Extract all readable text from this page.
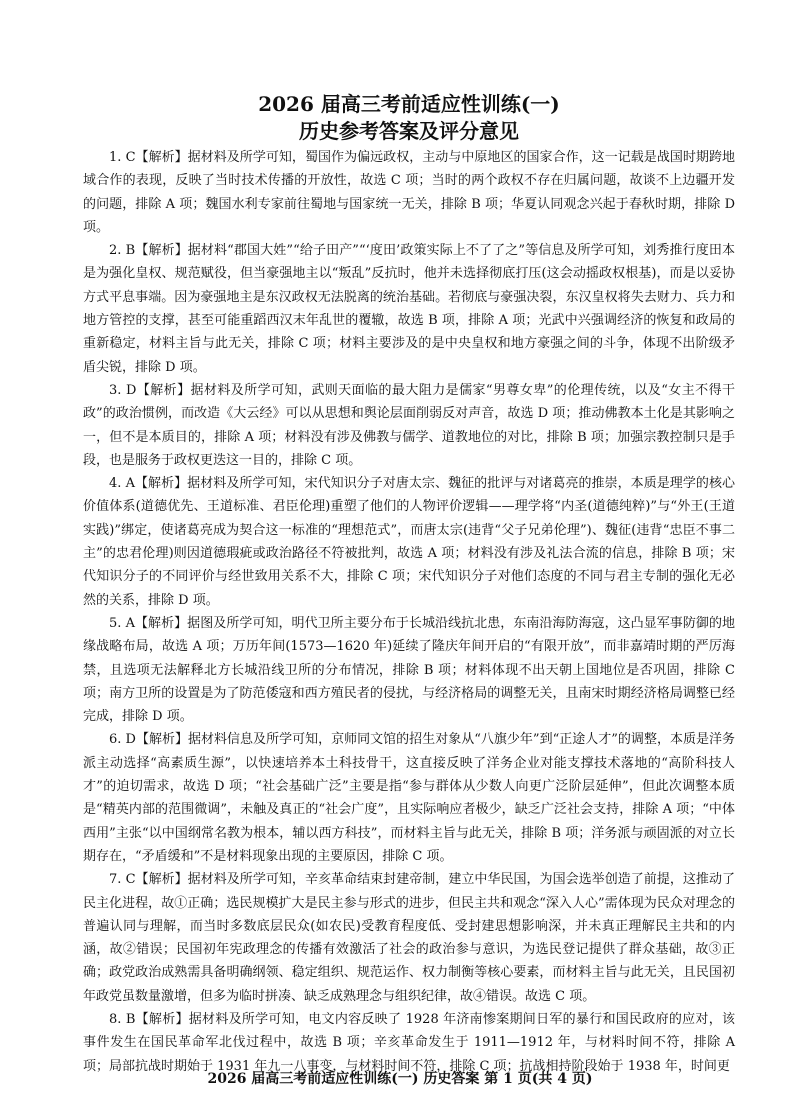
2026 届高三考前适应性训练(一)
历史参考答案及评分意见

1. C【解析】据材料及所学可知，蜀国作为偏远政权，主动与中原地区的国家合作，这一记载是战国时期跨地域合作的表现，反映了当时技术传播的开放性，故选 C 项；当时的两个政权不存在归属问题，故谈不上边疆开发的问题，排除 A 项；魏国水利专家前往蜀地与国家统一无关，排除 B 项；华夏认同观念兴起于春秋时期，排除 D 项。

2. B【解析】据材料“郡国大姓”“给子田产”“‘度田’政策实际上不了了之”等信息及所学可知，刘秀推行度田本是为强化皇权、规范赋役，但当豪强地主以“叛乱”反抗时，他并未选择彻底打压(这会动摇政权根基)，而是以妥协方式平息事端。因为豪强地主是东汉政权无法脱离的统治基础。若彻底与豪强决裂，东汉皇权将失去财力、兵力和地方管控的支撑，甚至可能重蹈西汉末年乱世的覆辙，故选 B 项，排除 A 项；光武中兴强调经济的恢复和政局的重新稳定，材料主旨与此无关，排除 C 项；材料主要涉及的是中央皇权和地方豪强之间的斗争，体现不出阶级矛盾尖锐，排除 D 项。

3. D【解析】据材料及所学可知，武则天面临的最大阻力是儒家“男尊女卑”的伦理传统，以及“女主不得干政”的政治惯例，而改造《大云经》可以从思想和舆论层面削弱反对声音，故选 D 项；推动佛教本土化是其影响之一，但不是本质目的，排除 A 项；材料没有涉及佛教与儒学、道教地位的对比，排除 B 项；加强宗教控制只是手段，也是服务于政权更迭这一目的，排除 C 项。

4. A【解析】据材料及所学可知，宋代知识分子对唐太宗、魏征的批评与对诸葛亮的推崇，本质是理学的核心价值体系(道德优先、王道标准、君臣伦理)重塑了他们的人物评价逻辑——理学将“内圣(道德纯粹)”与“外王(王道实践)”绑定，使诸葛亮成为契合这一标准的“理想范式”，而唐太宗(违背“父子兄弟伦理”)、魏征(违背“忠臣不事二主”的忠君伦理)则因道德瑕疵或政治路径不符被批判，故选 A 项；材料没有涉及礼法合流的信息，排除 B 项；宋代知识分子的不同评价与经世致用关系不大，排除 C 项；宋代知识分子对他们态度的不同与君主专制的强化无必然的关系，排除 D 项。

5. A【解析】据图及所学可知，明代卫所主要分布于长城沿线抗北患，东南沿海防海寇，这凸显军事防御的地缘战略布局，故选 A 项；万历年间(1573—1620 年)延续了隆庆年间开启的“有限开放”，而非嘉靖时期的严厉海禁，且选项无法解释北方长城沿线卫所的分布情况，排除 B 项；材料体现不出天朝上国地位是否巩固，排除 C 项；南方卫所的设置是为了防范倭寇和西方殖民者的侵扰，与经济格局的调整无关，且南宋时期经济格局调整已经完成，排除 D 项。

6. D【解析】据材料信息及所学可知，京师同文馆的招生对象从“八旗少年”到“正途人才”的调整，本质是洋务派主动选择“高素质生源”，以快速培养本土科技骨干，这直接反映了洋务企业对能支撑技术落地的“高阶科技人才”的迫切需求，故选 D 项；“社会基础广泛”主要是指“参与群体从少数人向更广泛阶层延伸”，但此次调整本质是“精英内部的范围微调”，未触及真正的“社会广度”，且实际响应者极少，缺乏广泛社会支持，排除 A 项；“中体西用”主张“以中国纲常名教为根本，辅以西方科技”，而材料主旨与此无关，排除 B 项；洋务派与顽固派的对立长期存在，“矛盾缓和”不是材料现象出现的主要原因，排除 C 项。

7. C【解析】据材料及所学可知，辛亥革命结束封建帝制，建立中华民国，为国会选举创造了前提，这推动了民主化进程，故①正确；选民规模扩大是民主参与形式的进步，但民主共和观念“深入人心”需体现为民众对理念的普遍认同与理解，而当时多数底层民众(如农民)受教育程度低、受封建思想影响深，并未真正理解民主共和的内涵，故②错误；民国初年宪政理念的传播有效激活了社会的政治参与意识，为选民登记提供了群众基础，故③正确；政党政治成熟需具备明确纲领、稳定组织、规范运作、权力制衡等核心要素，而材料主旨与此无关，且民国初年政党虽数量激增，但多为临时拼凑、缺乏成熟理念与组织纪律，故④错误。故选 C 项。

8. B【解析】据材料及所学可知，电文内容反映了 1928 年济南惨案期间日军的暴行和国民政府的应对，该事件发生在国民革命军北伐过程中，故选 B 项；辛亥革命发生于 1911—1912 年，与材料时间不符，排除 A 项；局部抗战时期始于 1931 年九一八事变，与材料时间不符，排除 C 项；抗战相持阶段始于 1938 年，时间更

2026 届高三考前适应性训练(一) 历史答案 第 1 页(共 4 页)
